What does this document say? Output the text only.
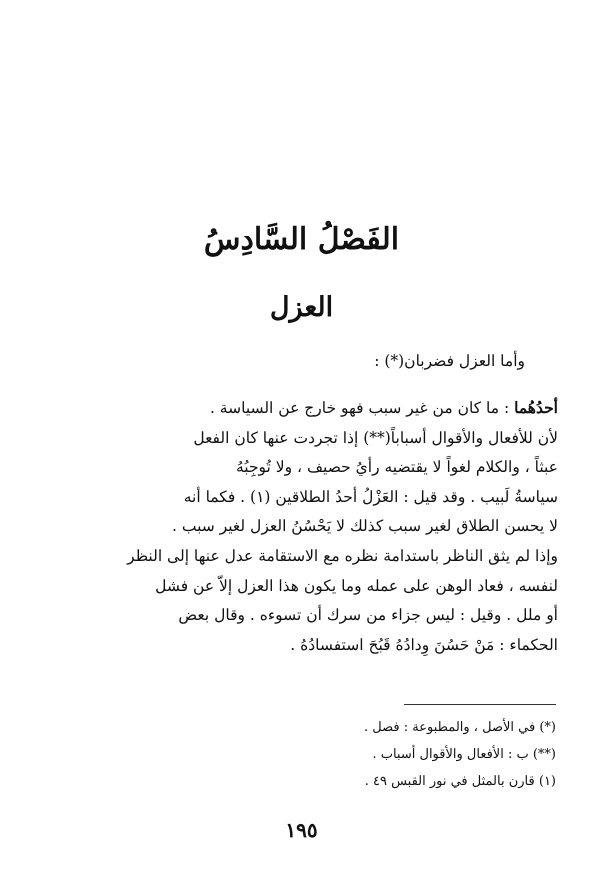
الفَصْلُ السَّادِسُ
العزل
وأما العزل فضربان(*) :
أحدُهُما : ما كان من غير سبب فهو خارج عن السياسة .
لأن للأفعال والأقوال أسباباً(**) إذا تجردت عنها كان الفعل
عبثاً ، والكلام لغواً لا يقتضيه رأيُ حصيف ، ولا تُوجِبُهُ
سياسةُ لَبيب . وقد قيل : العَزْلُ أحدُ الطلاقين (١) . فكما أنه
لا يحسن الطلاق لغير سبب كذلك لا يَحْسُنُ العزل لغير سبب .
وإذا لم يثق الناظر باستدامة نظره مع الاستقامة عدل عنها إلى النظر
لنفسه ، فعاد الوهن على عمله وما يكون هذا العزل إلاّ عن فشل
أو ملل . وقيل : ليس جزاء من سرك أن تسوءه . وقال بعض
الحكماء : مَنْ حَسُنَ وِدادُهُ قَبُحَ استفسادُهُ .
(*) في الأصل ، والمطبوعة : فصل .
(**) ب : الأفعال والأقوال أسباب .
(١) قارن بالمثل في نور القبس ٤٩ .
١٩٥
